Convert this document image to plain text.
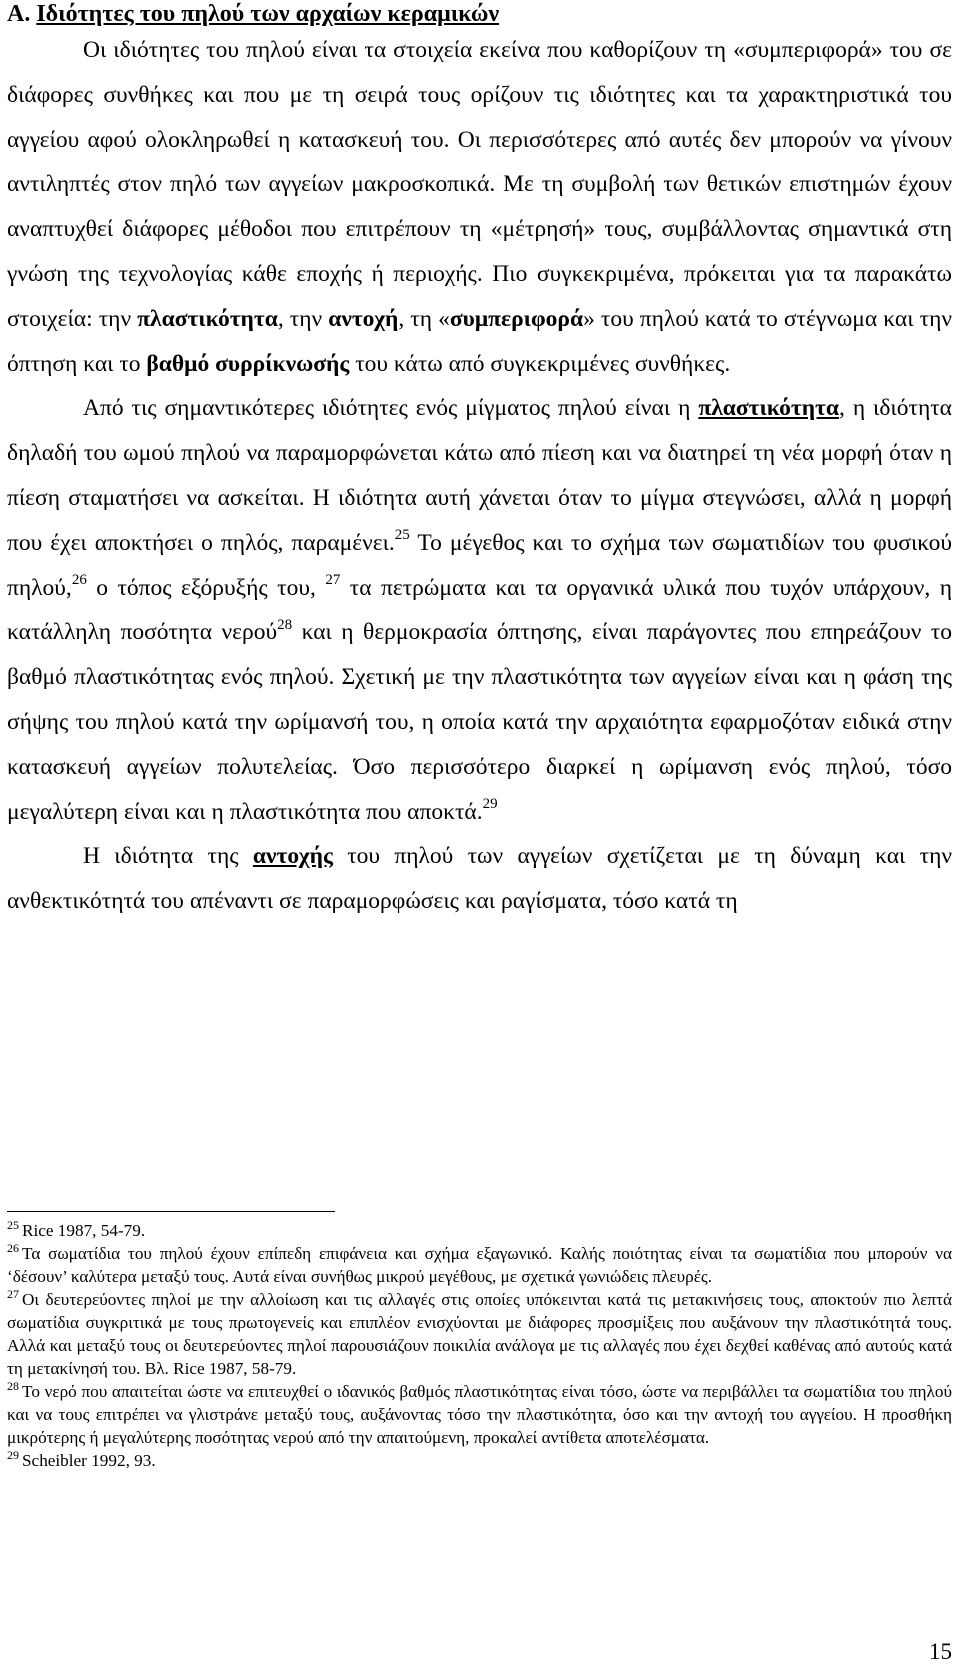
A. Ιδιότητες του πηλού των αρχαίων κεραμικών

Οι ιδιότητες του πηλού είναι τα στοιχεία εκείνα που καθορίζουν τη «συμπεριφορά» του σε διάφορες συνθήκες και που με τη σειρά τους ορίζουν τις ιδιότητες και τα χαρακτηριστικά του αγγείου αφού ολοκληρωθεί η κατασκευή του. Οι περισσότερες από αυτές δεν μπορούν να γίνουν αντιληπτές στον πηλό των αγγείων μακροσκοπικά. Με τη συμβολή των θετικών επιστημών έχουν αναπτυχθεί διάφορες μέθοδοι που επιτρέπουν τη «μέτρησή» τους, συμβάλλοντας σημαντικά στη γνώση της τεχνολογίας κάθε εποχής ή περιοχής. Πιο συγκεκριμένα, πρόκειται για τα παρακάτω στοιχεία: την πλαστικότητα, την αντοχή, τη «συμπεριφορά» του πηλού κατά το στέγνωμα και την όπτηση και το βαθμό συρρίκνωσής του κάτω από συγκεκριμένες συνθήκες.

Από τις σημαντικότερες ιδιότητες ενός μίγματος πηλού είναι η πλαστικότητα, η ιδιότητα δηλαδή του ωμού πηλού να παραμορφώνεται κάτω από πίεση και να διατηρεί τη νέα μορφή όταν η πίεση σταματήσει να ασκείται. Η ιδιότητα αυτή χάνεται όταν το μίγμα στεγνώσει, αλλά η μορφή που έχει αποκτήσει ο πηλός, παραμένει.$^{25}$ Το μέγεθος και το σχήμα των σωματιδίων του φυσικού πηλού,$^{26}$ ο τόπος εξόρυξής του, $^{27}$ τα πετρώματα και τα οργανικά υλικά που τυχόν υπάρχουν, η κατάλληλη ποσότητα νερού$^{28}$ και η θερμοκρασία όπτησης, είναι παράγοντες που επηρεάζουν το βαθμό πλαστικότητας ενός πηλού. Σχετική με την πλαστικότητα των αγγείων είναι και η φάση της σήψης του πηλού κατά την ωρίμανσή του, η οποία κατά την αρχαιότητα εφαρμοζόταν ειδικά στην κατασκευή αγγείων πολυτελείας. Όσο περισσότερο διαρκεί η ωρίμανση ενός πηλού, τόσο μεγαλύτερη είναι και η πλαστικότητα που αποκτά.$^{29}$

Η ιδιότητα της αντοχής του πηλού των αγγείων σχετίζεται με τη δύναμη και την ανθεκτικότητά του απέναντι σε παραμορφώσεις και ραγίσματα, τόσο κατά τη

$^{25}$ Rice 1987, 54-79.

$^{26}$ Τα σωματίδια του πηλού έχουν επίπεδη επιφάνεια και σχήμα εξαγωνικό. Καλής ποιότητας είναι τα σωματίδια που μπορούν να ‘δέσουν’ καλύτερα μεταξύ τους. Αυτά είναι συνήθως μικρού μεγέθους, με σχετικά γωνιώδεις πλευρές.

$^{27}$ Οι δευτερεύοντες πηλοί με την αλλοίωση και τις αλλαγές στις οποίες υπόκεινται κατά τις μετακινήσεις τους, αποκτούν πιο λεπτά σωματίδια συγκριτικά με τους πρωτογενείς και επιπλέον ενισχύονται με διάφορες προσμίξεις που αυξάνουν την πλαστικότητά τους. Αλλά και μεταξύ τους οι δευτερεύοντες πηλοί παρουσιάζουν ποικιλία ανάλογα με τις αλλαγές που έχει δεχθεί καθένας από αυτούς κατά τη μετακίνησή του. Βλ. Rice 1987, 58-79.

$^{28}$ Το νερό που απαιτείται ώστε να επιτευχθεί ο ιδανικός βαθμός πλαστικότητας είναι τόσο, ώστε να περιβάλλει τα σωματίδια του πηλού και να τους επιτρέπει να γλιστράνε μεταξύ τους, αυξάνοντας τόσο την πλαστικότητα, όσο και την αντοχή του αγγείου. Η προσθήκη μικρότερης ή μεγαλύτερης ποσότητας νερού από την απαιτούμενη, προκαλεί αντίθετα αποτελέσματα.

$^{29}$ Scheibler 1992, 93.

15
